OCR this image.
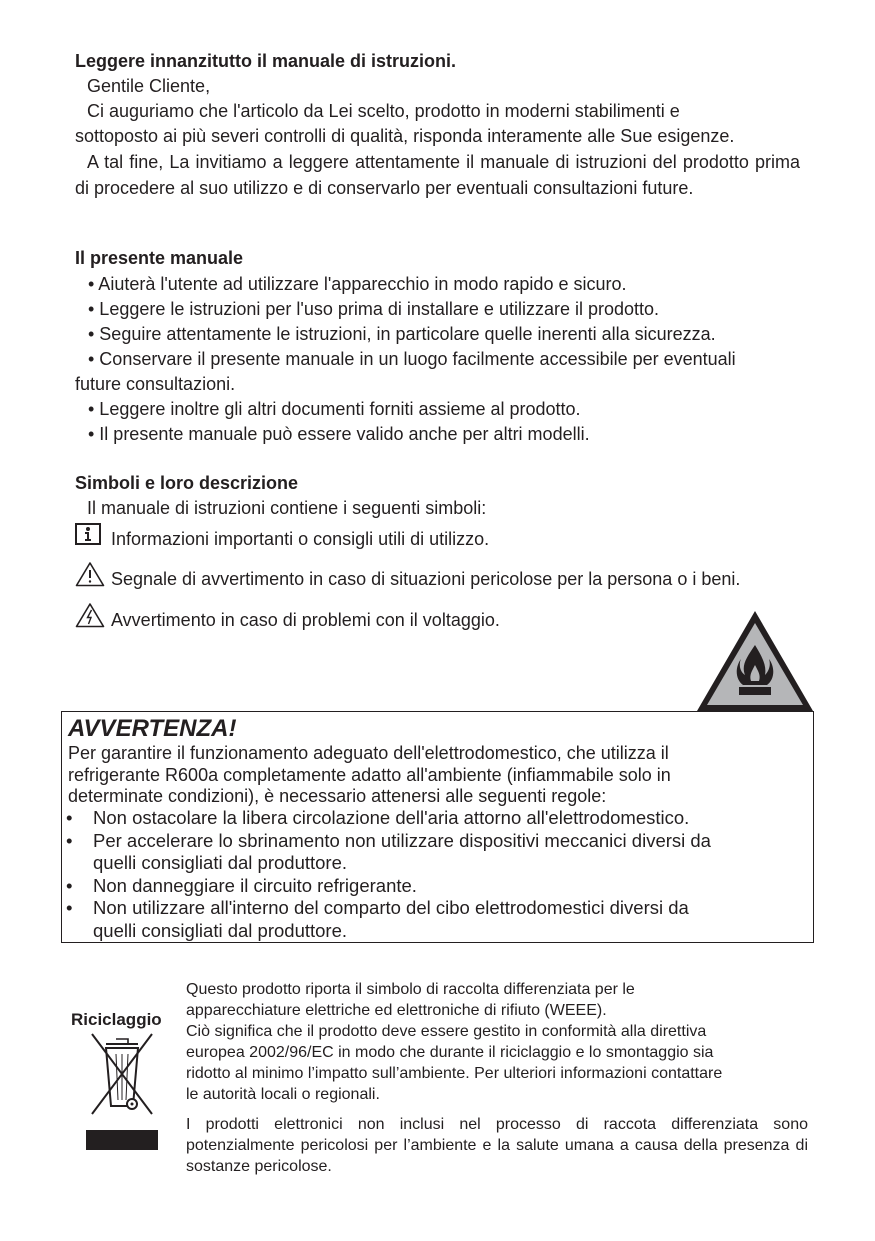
Leggere innanzitutto il manuale di istruzioni.
Gentile Cliente,
Ci auguriamo che l'articolo da Lei scelto, prodotto in moderni stabilimenti e
sottoposto ai più severi controlli di qualità, risponda interamente alle Sue esigenze.
A tal fine, La invitiamo a leggere attentamente il manuale di istruzioni del prodotto prima di procedere al suo utilizzo e di conservarlo per eventuali consultazioni future.
Il presente manuale
• Aiuterà l'utente ad utilizzare l'apparecchio in modo rapido e sicuro.
• Leggere le istruzioni per l'uso prima di installare e utilizzare il prodotto.
• Seguire attentamente le istruzioni, in particolare quelle inerenti alla sicurezza.
• Conservare il presente manuale in un luogo facilmente accessibile per eventuali
future consultazioni.
• Leggere inoltre gli altri documenti forniti assieme al prodotto.
• Il presente manuale può essere valido anche per altri modelli.
Simboli e loro descrizione
Il manuale di istruzioni contiene i seguenti simboli:
Informazioni importanti o consigli utili di utilizzo.
Segnale di avvertimento in caso di situazioni pericolose per la persona o i beni.
Avvertimento in caso di problemi con il voltaggio.
AVVERTENZA!
Per garantire il funzionamento adeguato dell'elettrodomestico, che utilizza il
refrigerante R600a completamente adatto all'ambiente (infiammabile solo in
determinate condizioni), è necessario attenersi alle seguenti regole:
• Non ostacolare la libera circolazione dell'aria attorno all'elettrodomestico.
• Per accelerare lo sbrinamento non utilizzare dispositivi meccanici diversi da
quelli consigliati dal produttore.
• Non danneggiare il circuito refrigerante.
• Non utilizzare all'interno del comparto del cibo elettrodomestici diversi da
quelli consigliati dal produttore.
Riciclaggio
Questo prodotto riporta il simbolo di raccolta differenziata per le
apparecchiature elettriche ed elettroniche di rifiuto (WEEE).
Ciò significa che il prodotto deve essere gestito in conformità alla direttiva
europea 2002/96/EC in modo che durante il riciclaggio e lo smontaggio sia
ridotto al minimo l’impatto sull’ambiente. Per ulteriori informazioni contattare
le autorità locali o regionali.
I prodotti elettronici non inclusi nel processo di raccota differenziata sono potenzialmente pericolosi per l’ambiente e la salute umana a causa della presenza di sostanze pericolose.
